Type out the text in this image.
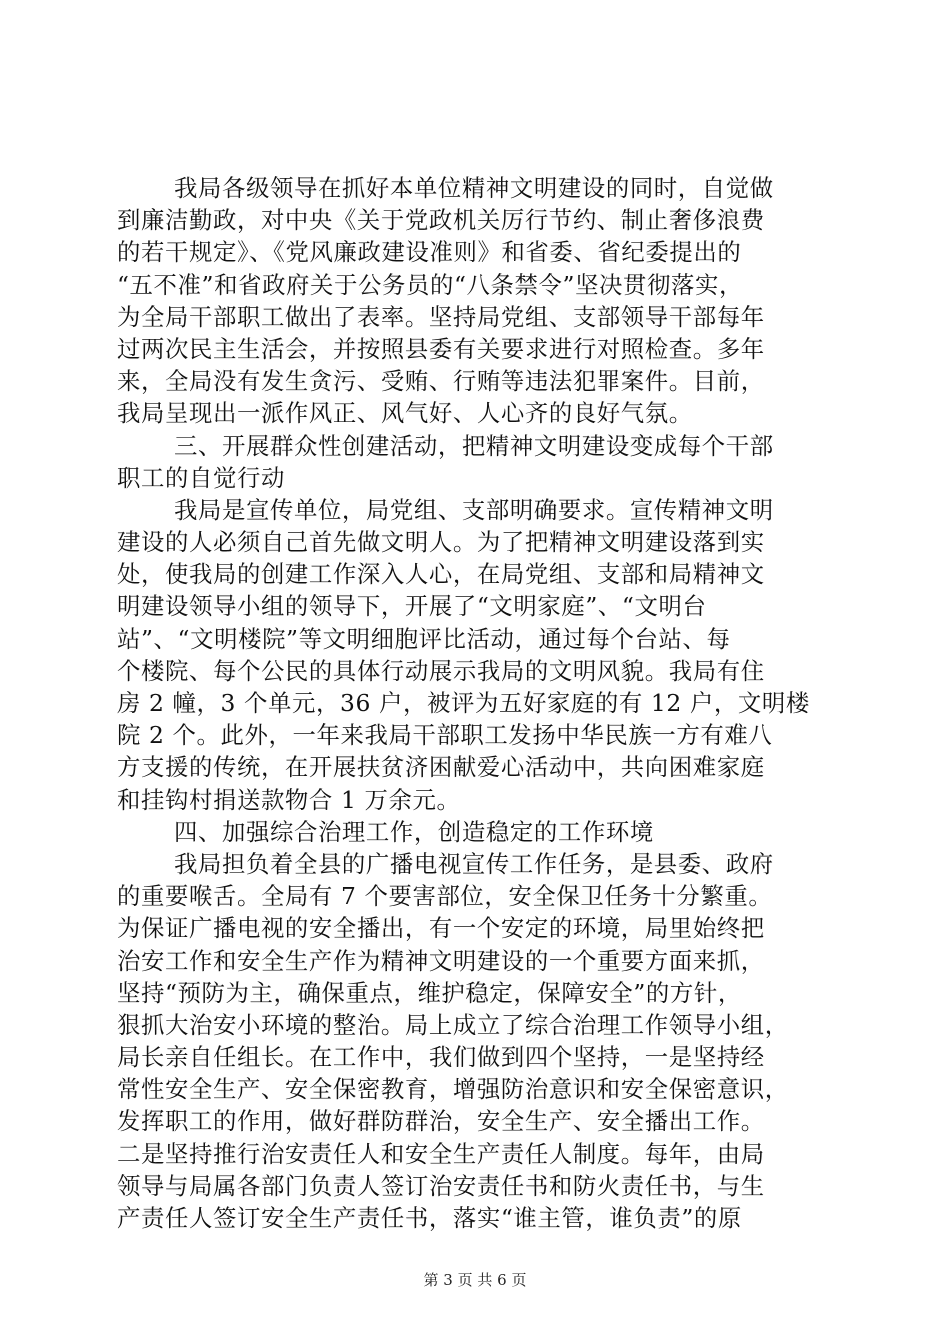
我局各级领导在抓好本单位精神文明建设的同时，自觉做
到廉洁勤政，对中央《关于党政机关厉行节约、制止奢侈浪费
的若干规定》、《党风廉政建设准则》和省委、省纪委提出的
“五不准”和省政府关于公务员的“八条禁令”坚决贯彻落实，
为全局干部职工做出了表率。坚持局党组、支部领导干部每年
过两次民主生活会，并按照县委有关要求进行对照检查。多年
来，全局没有发生贪污、受贿、行贿等违法犯罪案件。目前，
我局呈现出一派作风正、风气好、人心齐的良好气氛。
三、开展群众性创建活动，把精神文明建设变成每个干部
职工的自觉行动
我局是宣传单位，局党组、支部明确要求。宣传精神文明
建设的人必须自己首先做文明人。为了把精神文明建设落到实
处，使我局的创建工作深入人心，在局党组、支部和局精神文
明建设领导小组的领导下，开展了“文明家庭”、“文明台
站”、“文明楼院”等文明细胞评比活动，通过每个台站、每
个楼院、每个公民的具体行动展示我局的文明风貌。我局有住
房 2 幢，3 个单元，36 户，被评为五好家庭的有 12 户，文明楼
院 2 个。此外，一年来我局干部职工发扬中华民族一方有难八
方支援的传统，在开展扶贫济困献爱心活动中，共向困难家庭
和挂钩村捐送款物合 1 万余元。
四、加强综合治理工作，创造稳定的工作环境
我局担负着全县的广播电视宣传工作任务，是县委、政府
的重要喉舌。全局有 7 个要害部位，安全保卫任务十分繁重。
为保证广播电视的安全播出，有一个安定的环境，局里始终把
治安工作和安全生产作为精神文明建设的一个重要方面来抓，
坚持“预防为主，确保重点，维护稳定，保障安全”的方针，
狠抓大治安小环境的整治。局上成立了综合治理工作领导小组，
局长亲自任组长。在工作中，我们做到四个坚持，一是坚持经
常性安全生产、安全保密教育，增强防治意识和安全保密意识，
发挥职工的作用，做好群防群治，安全生产、安全播出工作。
二是坚持推行治安责任人和安全生产责任人制度。每年，由局
领导与局属各部门负责人签订治安责任书和防火责任书，与生
产责任人签订安全生产责任书，落实“谁主管，谁负责”的原
第 3 页 共 6 页
